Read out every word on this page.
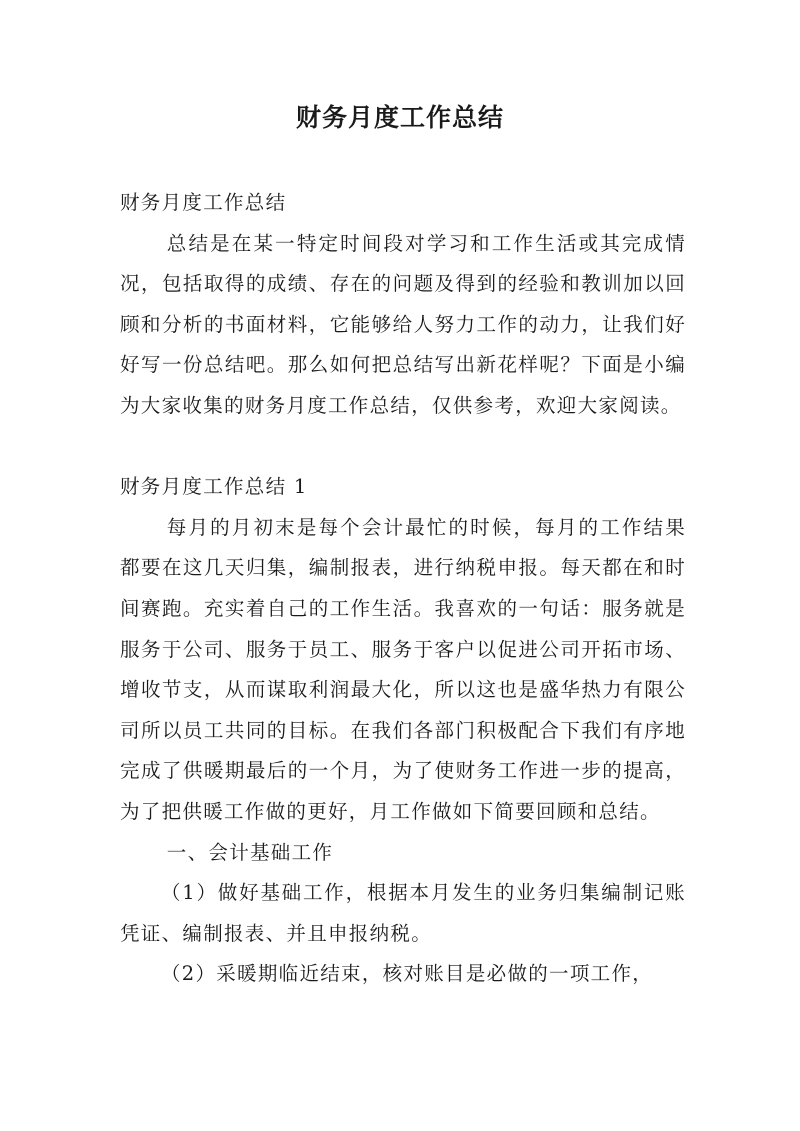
财务月度工作总结

财务月度工作总结

总结是在某一特定时间段对学习和工作生活或其完成情况，包括取得的成绩、存在的问题及得到的经验和教训加以回顾和分析的书面材料，它能够给人努力工作的动力，让我们好好写一份总结吧。那么如何把总结写出新花样呢？下面是小编为大家收集的财务月度工作总结，仅供参考，欢迎大家阅读。

财务月度工作总结 1

每月的月初末是每个会计最忙的时候，每月的工作结果都要在这几天归集，编制报表，进行纳税申报。每天都在和时间赛跑。充实着自己的工作生活。我喜欢的一句话：服务就是服务于公司、服务于员工、服务于客户以促进公司开拓市场、增收节支，从而谋取利润最大化，所以这也是盛华热力有限公司所以员工共同的目标。在我们各部门积极配合下我们有序地完成了供暖期最后的一个月，为了使财务工作进一步的提高，为了把供暖工作做的更好，月工作做如下简要回顾和总结。

一、会计基础工作

（1）做好基础工作，根据本月发生的业务归集编制记账凭证、编制报表、并且申报纳税。

（2）采暖期临近结束，核对账目是必做的一项工作，
